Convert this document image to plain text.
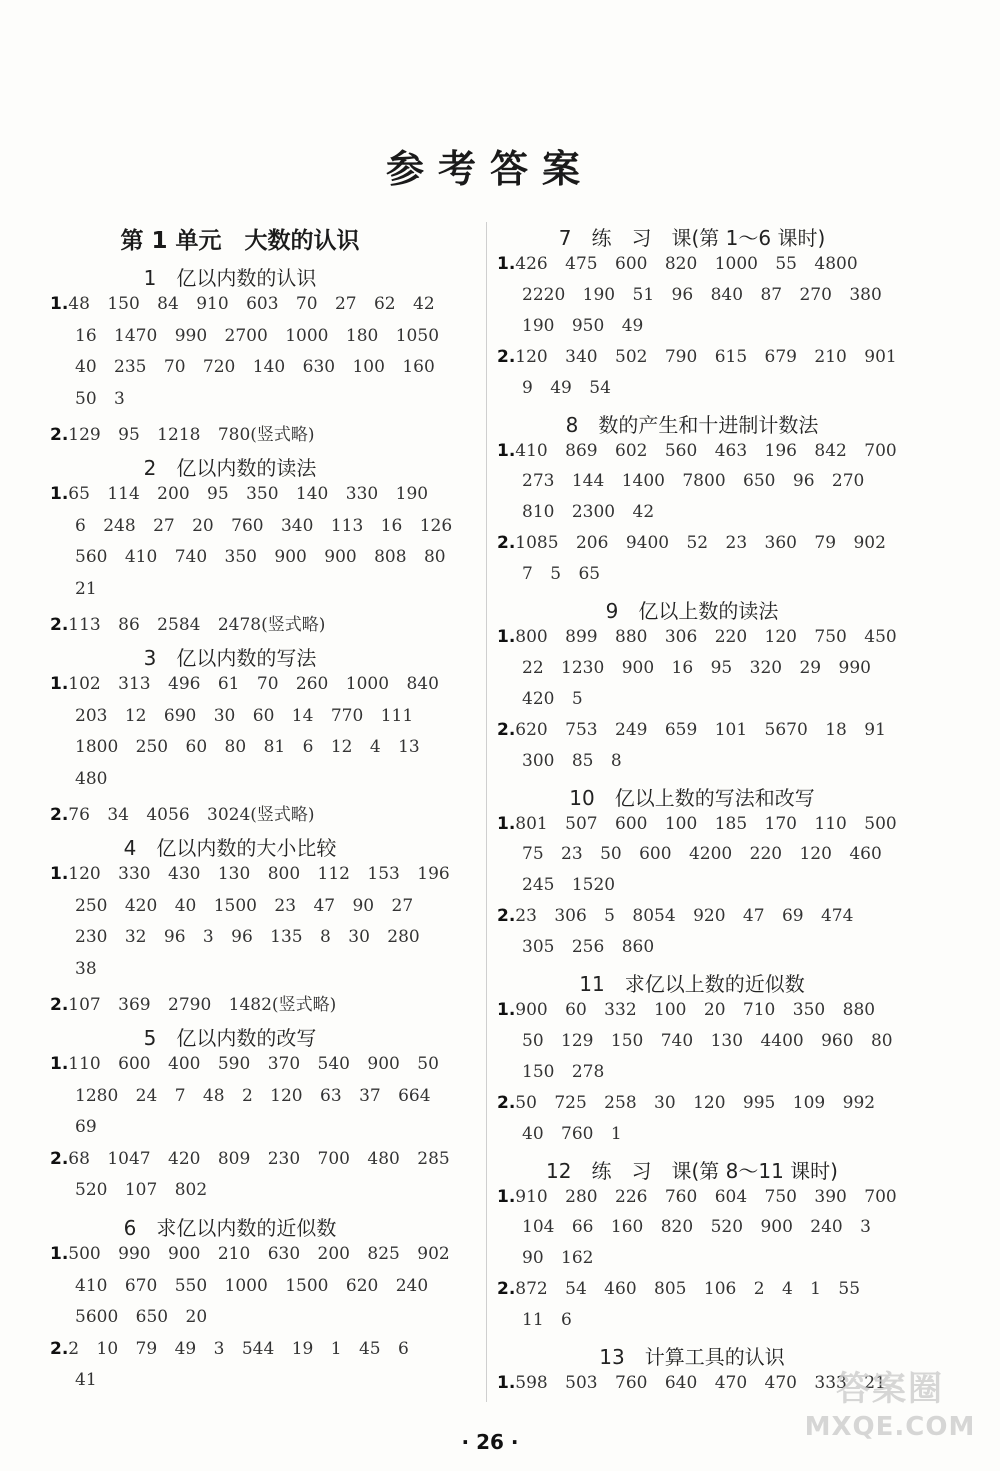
参考答案
第 1 单元　大数的认识
1　亿以内数的认识
1.48 150 84 910 603 70 27 62 42
16 1470 990 2700 1000 180 1050
40 235 70 720 140 630 100 160
50 3
2.129 95 1218 780(竖式略)
2　亿以内数的读法
1.65 114 200 95 350 140 330 190
6 248 27 20 760 340 113 16 126
560 410 740 350 900 900 808 80
21
2.113 86 2584 2478(竖式略)
3　亿以内数的写法
1.102 313 496 61 70 260 1000 840
203 12 690 30 60 14 770 111
1800 250 60 80 81 6 12 4 13
480
2.76 34 4056 3024(竖式略)
4　亿以内数的大小比较
1.120 330 430 130 800 112 153 196
250 420 40 1500 23 47 90 27
230 32 96 3 96 135 8 30 280
38
2.107 369 2790 1482(竖式略)
5　亿以内数的改写
1.110 600 400 590 370 540 900 50
1280 24 7 48 2 120 63 37 664
69
2.68 1047 420 809 230 700 480 285
520 107 802
6　求亿以内数的近似数
1.500 990 900 210 630 200 825 902
410 670 550 1000 1500 620 240
5600 650 20
2.2 10 79 49 3 544 19 1 45 6
41
7　练　习　课(第 1～6 课时)
1.426 475 600 820 1000 55 4800
2220 190 51 96 840 87 270 380
190 950 49
2.120 340 502 790 615 679 210 901
9 49 54
8　数的产生和十进制计数法
1.410 869 602 560 463 196 842 700
273 144 1400 7800 650 96 270
810 2300 42
2.1085 206 9400 52 23 360 79 902
7 5 65
9　亿以上数的读法
1.800 899 880 306 220 120 750 450
22 1230 900 16 95 320 29 990
420 5
2.620 753 249 659 101 5670 18 91
300 85 8
10　亿以上数的写法和改写
1.801 507 600 100 185 170 110 500
75 23 50 600 4200 220 120 460
245 1520
2.23 306 5 8054 920 47 69 474
305 256 860
11　求亿以上数的近似数
1.900 60 332 100 20 710 350 880
50 129 150 740 130 4400 960 80
150 278
2.50 725 258 30 120 995 109 992
40 760 1
12　练　习　课(第 8～11 课时)
1.910 280 226 760 604 750 390 700
104 66 160 820 520 900 240 3
90 162
2.872 54 460 805 106 2 4 1 55
11 6
13　计算工具的认识
1.598 503 760 640 470 470 333 21
· 26 ·
答案圈
MXQE.COM
